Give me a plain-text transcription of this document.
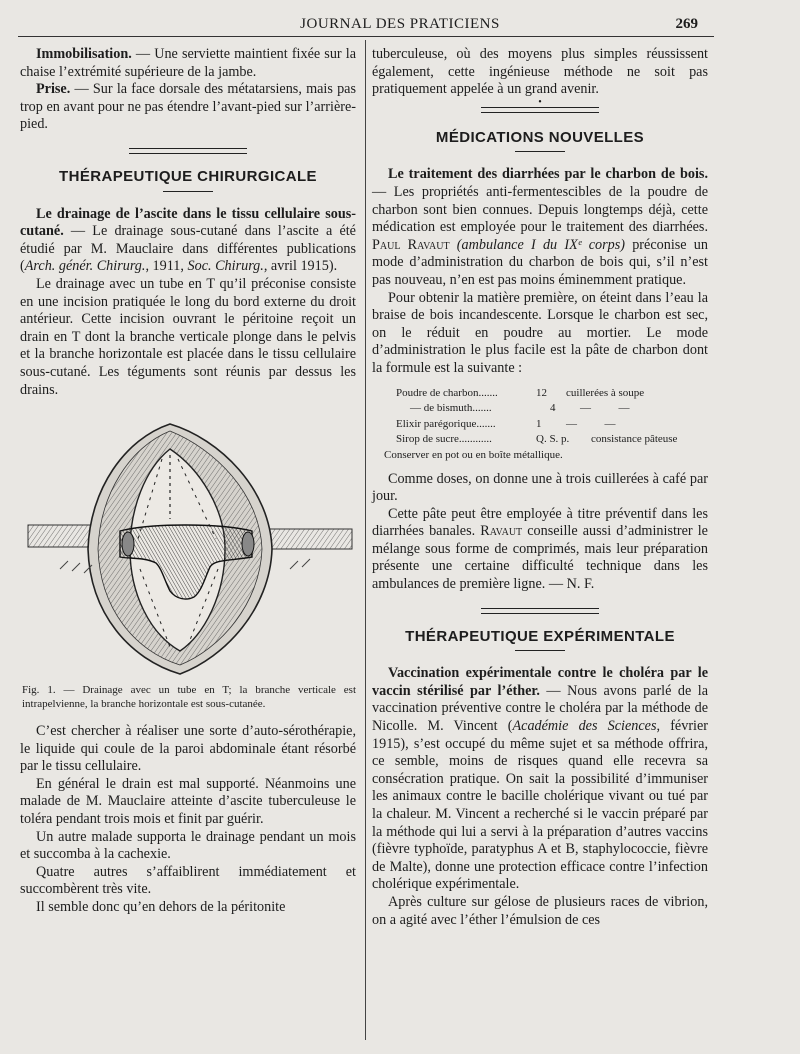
JOURNAL DES PRATICIENS	269

Immobilisation. — Une serviette maintient fixée sur la chaise l’extrémité supérieure de la jambe.

Prise. — Sur la face dorsale des métatarsiens, mais pas trop en avant pour ne pas étendre l’avant-pied sur l’arrière-pied.

THÉRAPEUTIQUE CHIRURGICALE

Le drainage de l’ascite dans le tissu cellulaire sous-cutané. — Le drainage sous-cutané dans l’ascite a été étudié par M. Mauclaire dans différentes publications (Arch. génér. Chirurg., 1911, Soc. Chirurg., avril 1915).

Le drainage avec un tube en T qu’il préconise consiste en une incision pratiquée le long du bord externe du droit antérieur. Cette incision ouvrant le péritoine reçoit un drain en T dont la branche verticale plonge dans le pelvis et la branche horizontale est placée dans le tissu cellulaire sous-cutané. Les téguments sont réunis par dessus les drains.

Fig. 1. — Drainage avec un tube en T; la branche verticale est intrapelvienne, la branche horizontale est sous-cutanée.

C’est chercher à réaliser une sorte d’auto-sérothérapie, le liquide qui coule de la paroi abdominale étant résorbé par le tissu cellulaire.

En général le drain est mal supporté. Néanmoins une malade de M. Mauclaire atteinte d’ascite tuberculeuse le toléra pendant trois mois et finit par guérir.

Un autre malade supporta le drainage pendant un mois et succomba à la cachexie.

Quatre autres s’affaiblirent immédiatement et succombèrent très vite.

Il semble donc qu’en dehors de la péritonite

tuberculeuse, où des moyens plus simples réussissent également, cette ingénieuse méthode ne soit pas pratiquement appelée à un grand avenir.

•
MÉDICATIONS NOUVELLES

Le traitement des diarrhées par le charbon de bois. — Les propriétés anti-fermentescibles de la poudre de charbon sont bien connues. Depuis longtemps déjà, cette médication est employée pour le traitement des diarrhées. Paul Ravaut (ambulance I du IXᵉ corps) préconise un mode d’administration du charbon de bois qui, s’il n’est pas nouveau, n’en est pas moins éminemment pratique.

Pour obtenir la matière première, on éteint dans l’eau la braise de bois incandescente. Lorsque le charbon est sec, on le réduit en poudre au mortier. Le mode d’administration le plus facile est la pâte de charbon dont la formule est la suivante :

Poudre de charbon.......	12	cuillerées à soupe
— de bismuth.......	4	—          —
Elixir parégorique.......	1	—          —
Sirop de sucre............	Q. S. p.	consistance pâteuse

Conserver en pot ou en boîte métallique.

Comme doses, on donne une à trois cuillerées à café par jour.

Cette pâte peut être employée à titre préventif dans les diarrhées banales. Ravaut conseille aussi d’administrer le mélange sous forme de comprimés, mais leur préparation présente une certaine difficulté technique dans les ambulances de première ligne. — N. F.

THÉRAPEUTIQUE EXPÉRIMENTALE

Vaccination expérimentale contre le choléra par le vaccin stérilisé par l’éther. — Nous avons parlé de la vaccination préventive contre le choléra par la méthode de Nicolle. M. Vincent (Académie des Sciences, février 1915), s’est occupé du même sujet et sa méthode offrira, ce semble, moins de risques quand elle recevra sa consécration pratique. On sait la possibilité d’immuniser les animaux contre le bacille cholérique vivant ou tué par la chaleur. M. Vincent a recherché si le vaccin préparé par la méthode qui lui a servi à la préparation d’autres vaccins (fièvre typhoïde, paratyphus A et B, staphylococcie, fièvre de Malte), donne une protection efficace contre l’infection cholérique expérimentale.

Après culture sur gélose de plusieurs races de vibrion, on a agité avec l’éther l’émulsion de ces
